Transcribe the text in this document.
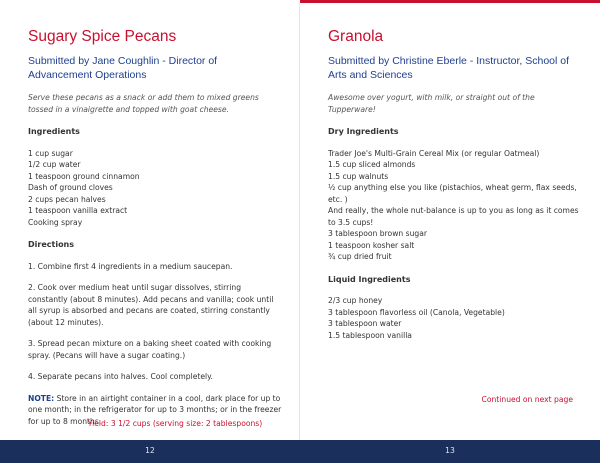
Sugary Spice Pecans
Submitted by Jane Coughlin - Director of Advancement Operations
Serve these pecans as a snack or add them to mixed greens tossed in a vinaigrette and topped with goat cheese.
Ingredients
1 cup sugar
1/2 cup water
1 teaspoon ground cinnamon
Dash of ground cloves
2 cups pecan halves
1 teaspoon vanilla extract
Cooking spray
Directions
1. Combine first 4 ingredients in a medium saucepan.
2. Cook over medium heat until sugar dissolves, stirring constantly (about 8 minutes). Add pecans and vanilla; cook until all syrup is absorbed and pecans are coated, stirring constantly (about 12 minutes).
3. Spread pecan mixture on a baking sheet coated with cooking spray. (Pecans will have a sugar coating.)
4. Separate pecans into halves. Cool completely.
NOTE: Store in an airtight container in a cool, dark place for up to one month; in the refrigerator for up to 3 months; or in the freezer for up to 8 months.
Yield: 3 1/2 cups (serving size: 2 tablespoons)
Granola
Submitted by Christine Eberle - Instructor, School of Arts and Sciences
Awesome over yogurt, with milk, or straight out of the Tupperware!
Dry Ingredients
Trader Joe's Multi-Grain Cereal Mix (or regular Oatmeal)
1.5 cup sliced almonds
1.5 cup walnuts
½ cup anything else you like (pistachios, wheat germ, flax seeds, etc. )
And really, the whole nut-balance is up to you as long as it comes to 3.5 cups!
3 tablespoon brown sugar
1 teaspoon kosher salt
¾ cup dried fruit
Liquid Ingredients
2/3 cup honey
3 tablespoon flavorless oil (Canola, Vegetable)
3 tablespoon water
1.5 tablespoon vanilla
Continued on next page
12	13
